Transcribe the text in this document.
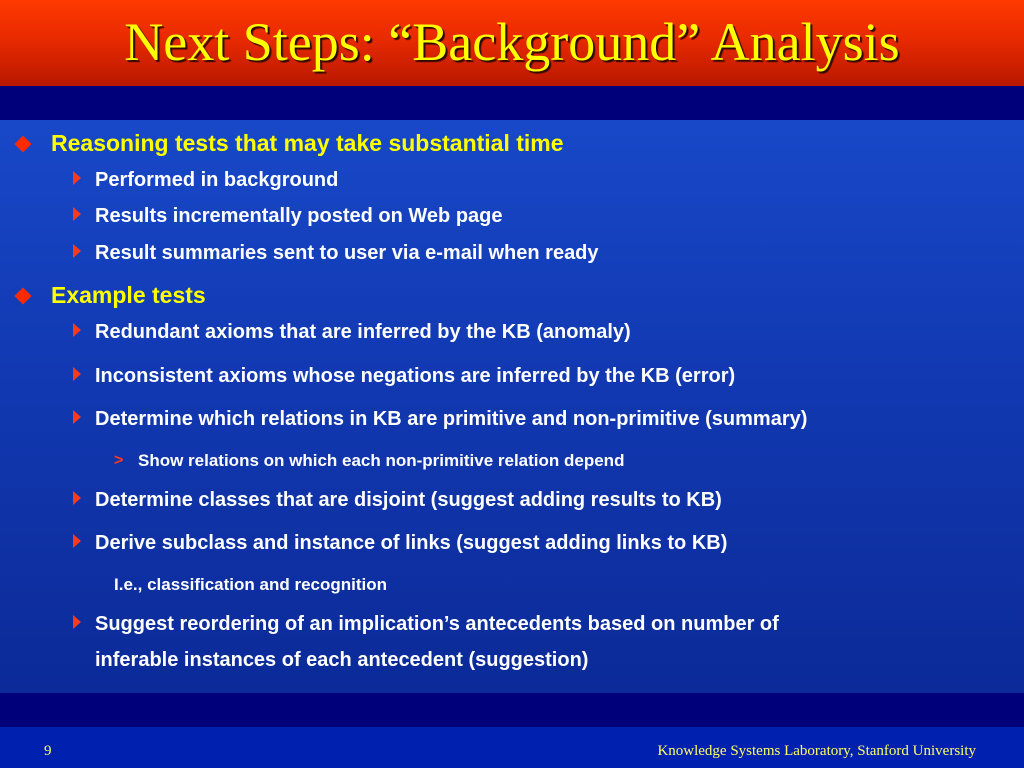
Next Steps: “Background” Analysis
Reasoning tests that may take substantial time
Performed in background
Results incrementally posted on Web page
Result summaries sent to user via e-mail when ready
Example tests
Redundant axioms that are inferred by the KB (anomaly)
Inconsistent axioms whose negations are inferred by the KB (error)
Determine which relations in KB are primitive and non-primitive (summary)
> Show relations on which each non-primitive relation depend
Determine classes that are disjoint (suggest adding results to KB)
Derive subclass and instance of links (suggest adding links to KB)
I.e., classification and recognition
Suggest reordering of an implication’s antecedents based on number of
inferable instances of each antecedent (suggestion)
9	Knowledge Systems Laboratory, Stanford University
